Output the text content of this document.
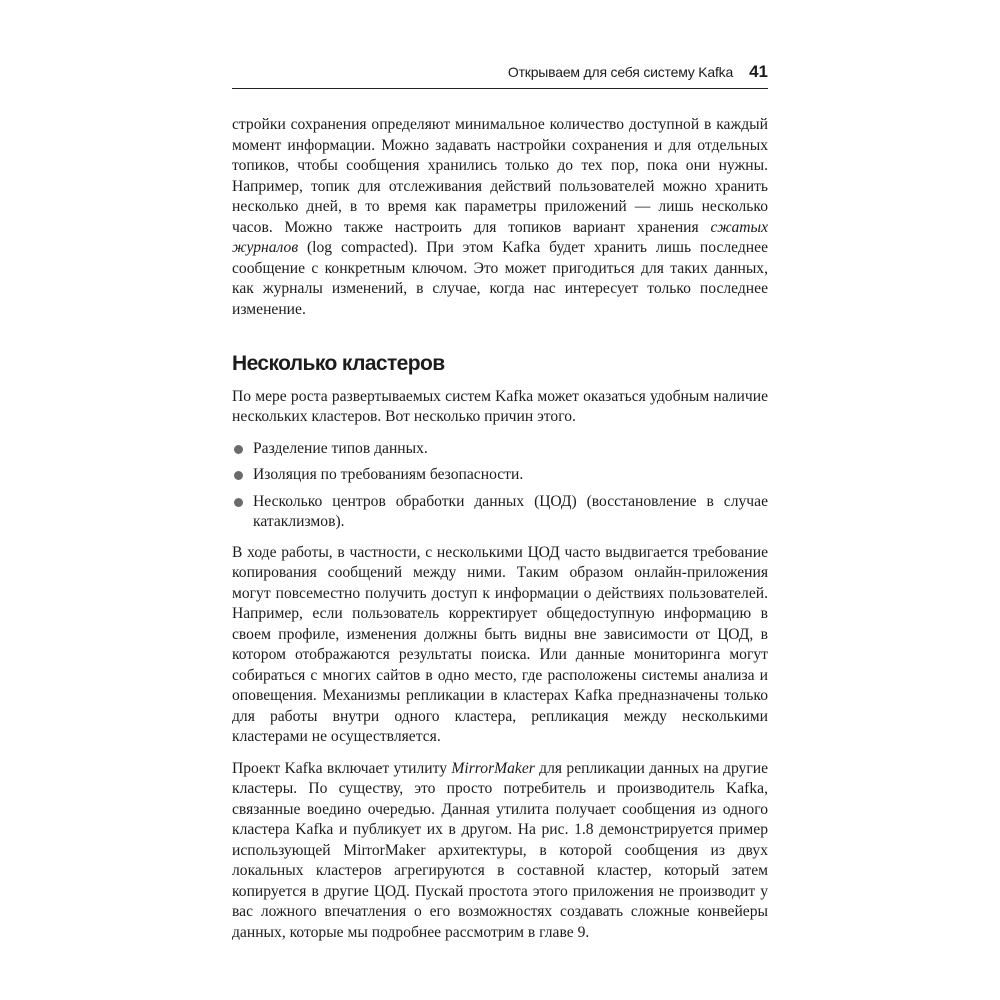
Открываем для себя систему Kafka 41

стройки сохранения определяют минимальное количество доступной в каждый момент информации. Можно задавать настройки сохранения и для отдельных топиков, чтобы сообщения хранились только до тех пор, пока они нужны. Например, топик для отслеживания действий пользователей можно хранить несколько дней, в то время как параметры приложений — лишь несколько часов. Можно также настроить для топиков вариант хранения сжатых журналов (log compacted). При этом Kafka будет хранить лишь последнее сообщение с конкретным ключом. Это может пригодиться для таких данных, как журналы изменений, в случае, когда нас интересует только последнее изменение.

Несколько кластеров

По мере роста развертываемых систем Kafka может оказаться удобным наличие нескольких кластеров. Вот несколько причин этого.

Разделение типов данных.
Изоляция по требованиям безопасности.
Несколько центров обработки данных (ЦОД) (восстановление в случае катаклизмов).

В ходе работы, в частности, с несколькими ЦОД часто выдвигается требование копирования сообщений между ними. Таким образом онлайн-приложения могут повсеместно получить доступ к информации о действиях пользователей. Например, если пользователь корректирует общедоступную информацию в своем профиле, изменения должны быть видны вне зависимости от ЦОД, в котором отображаются результаты поиска. Или данные мониторинга могут собираться с многих сайтов в одно место, где расположены системы анализа и оповещения. Механизмы репликации в кластерах Kafka предназначены только для работы внутри одного кластера, репликация между несколькими кластерами не осуществляется.

Проект Kafka включает утилиту MirrorMaker для репликации данных на другие кластеры. По существу, это просто потребитель и производитель Kafka, связанные воедино очередью. Данная утилита получает сообщения из одного кластера Kafka и публикует их в другом. На рис. 1.8 демонстрируется пример использующей MirrorMaker архитектуры, в которой сообщения из двух локальных кластеров агрегируются в составной кластер, который затем копируется в другие ЦОД. Пускай простота этого приложения не производит у вас ложного впечатления о его возможностях создавать сложные конвейеры данных, которые мы подробнее рассмотрим в главе 9.
